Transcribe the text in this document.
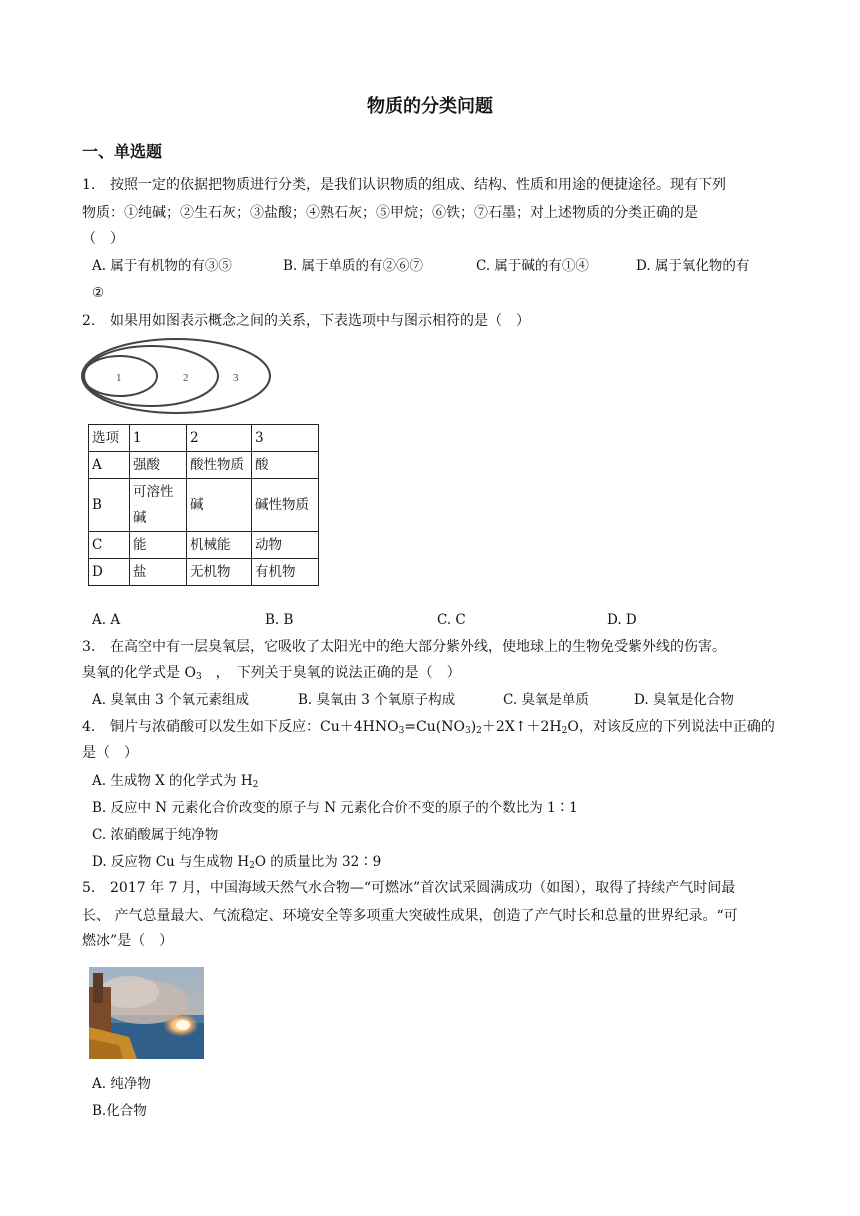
物质的分类问题
一、单选题
1. 按照一定的依据把物质进行分类，是我们认识物质的组成、结构、性质和用途的便捷途径。现有下列
物质：①纯碱；②生石灰；③盐酸；④熟石灰；⑤甲烷；⑥铁；⑦石墨；对上述物质的分类正确的是
（　）
A. 属于有机物的有③⑤	B. 属于单质的有②⑥⑦	C. 属于碱的有①④	D. 属于氧化物的有
②
2. 如果用如图表示概念之间的关系，下表选项中与图示相符的是（　）
1	2	3
选项	1	2	3
A	强酸	酸性物质	酸
B	可溶性碱	碱	碱性物质
C	能	机械能	动物
D	盐	无机物	有机物
A. A	B. B	C. C	D. D
3. 在高空中有一层臭氧层，它吸收了太阳光中的绝大部分紫外线，使地球上的生物免受紫外线的伤害。
臭氧的化学式是 $O_3$　，　下列关于臭氧的说法正确的是（　）
A. 臭氧由 3 个氧元素组成	B. 臭氧由 3 个氧原子构成	C. 臭氧是单质	D. 臭氧是化合物
4. 铜片与浓硝酸可以发生如下反应：$Cu+4HNO_3=Cu(NO_3)_2+2X↑+2H_2O$，对该反应的下列说法中正确的
是（　）
A. 生成物 X 的化学式为 $H_2$
B. 反应中 N 元素化合价改变的原子与 N 元素化合价不变的原子的个数比为 1∶1
C. 浓硝酸属于纯净物
D. 反应物 Cu 与生成物 $H_2O$ 的质量比为 32∶9
5. 2017 年 7 月，中国海域天然气水合物—“可燃冰”首次试采圆满成功（如图），取得了持续产气时间最
长、 产气总量最大、气流稳定、环境安全等多项重大突破性成果，创造了产气时长和总量的世界纪录。“可
燃冰”是（　）
A. 纯净物
B.化合物
